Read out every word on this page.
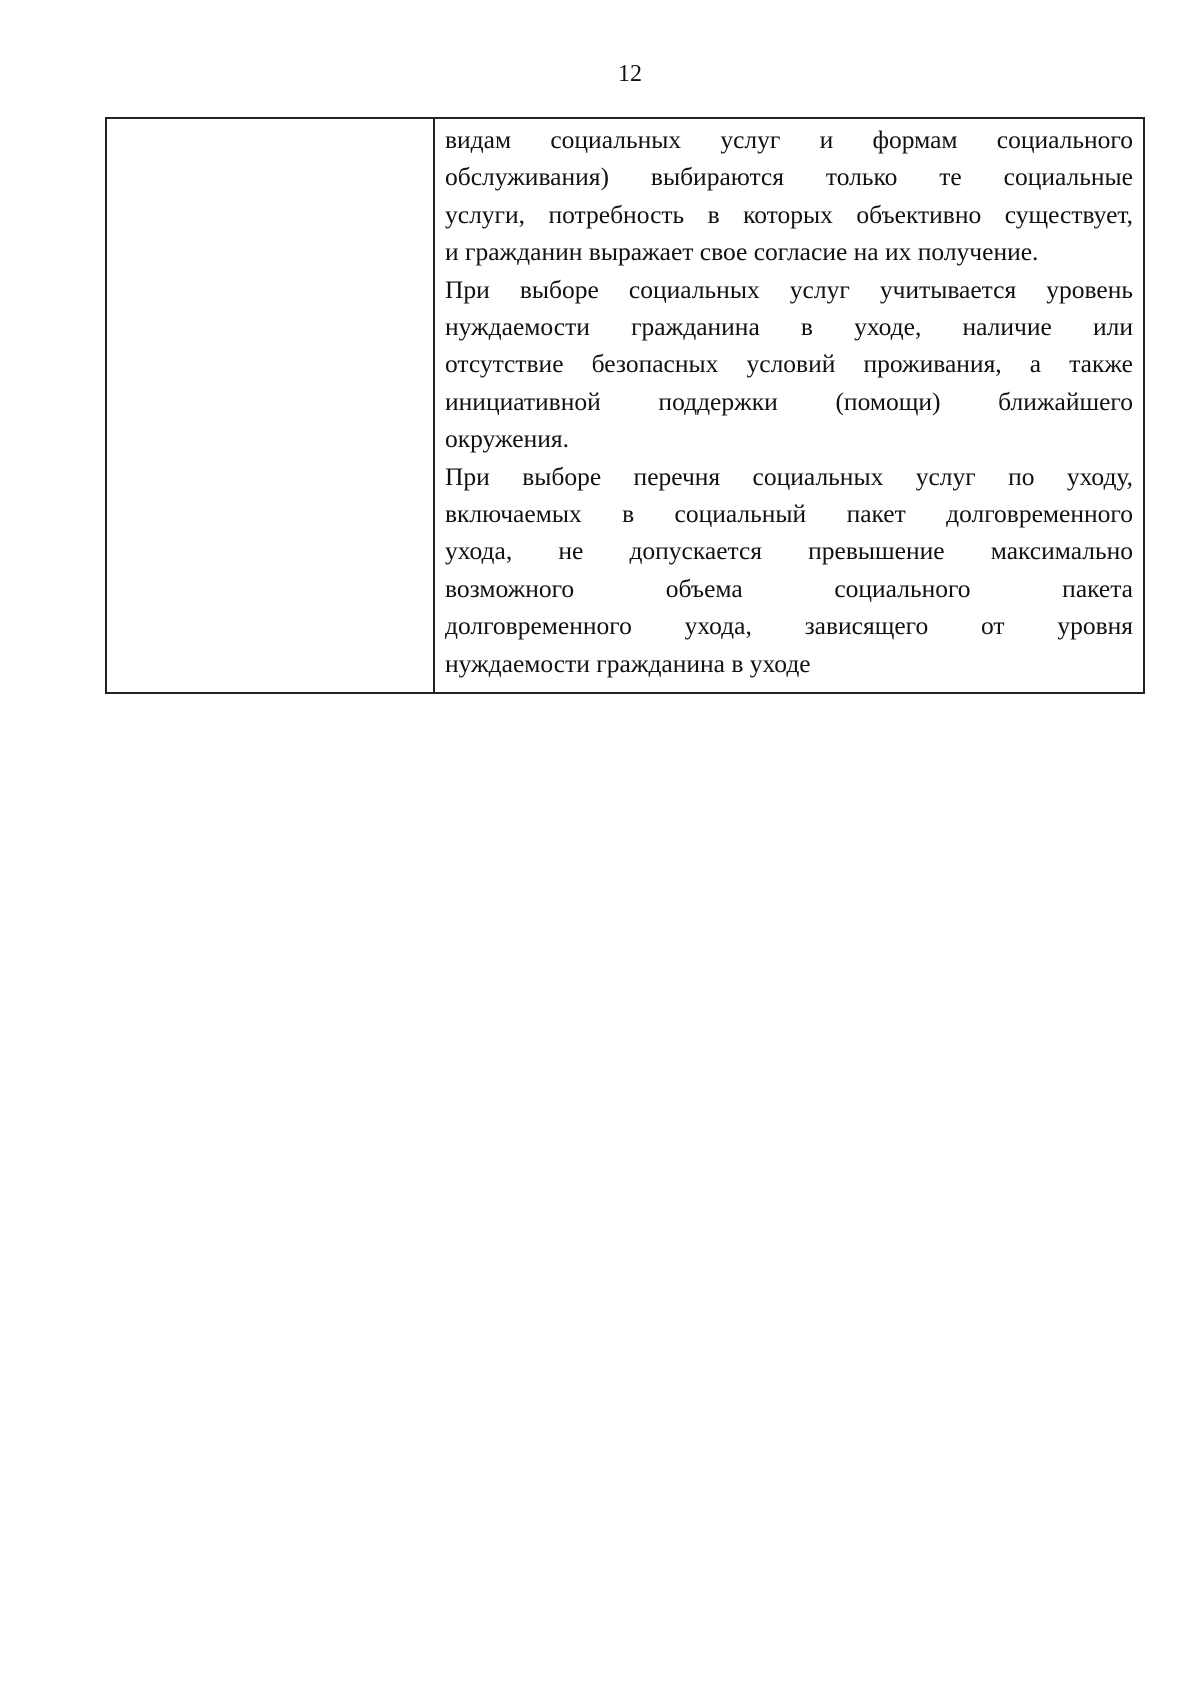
12

видам социальных услуг и формам социального

обслуживания) выбираются только те социальные

услуги, потребность в которых объективно существует,

и гражданин выражает свое согласие на их получение.

При выборе социальных услуг учитывается уровень

нуждаемости гражданина в уходе, наличие или

отсутствие безопасных условий проживания, а также

инициативной поддержки (помощи) ближайшего

окружения.

При выборе перечня социальных услуг по уходу,

включаемых в социальный пакет долговременного

ухода, не допускается превышение максимально

возможного объема социального пакета

долговременного ухода, зависящего от уровня

нуждаемости гражданина в уходе
